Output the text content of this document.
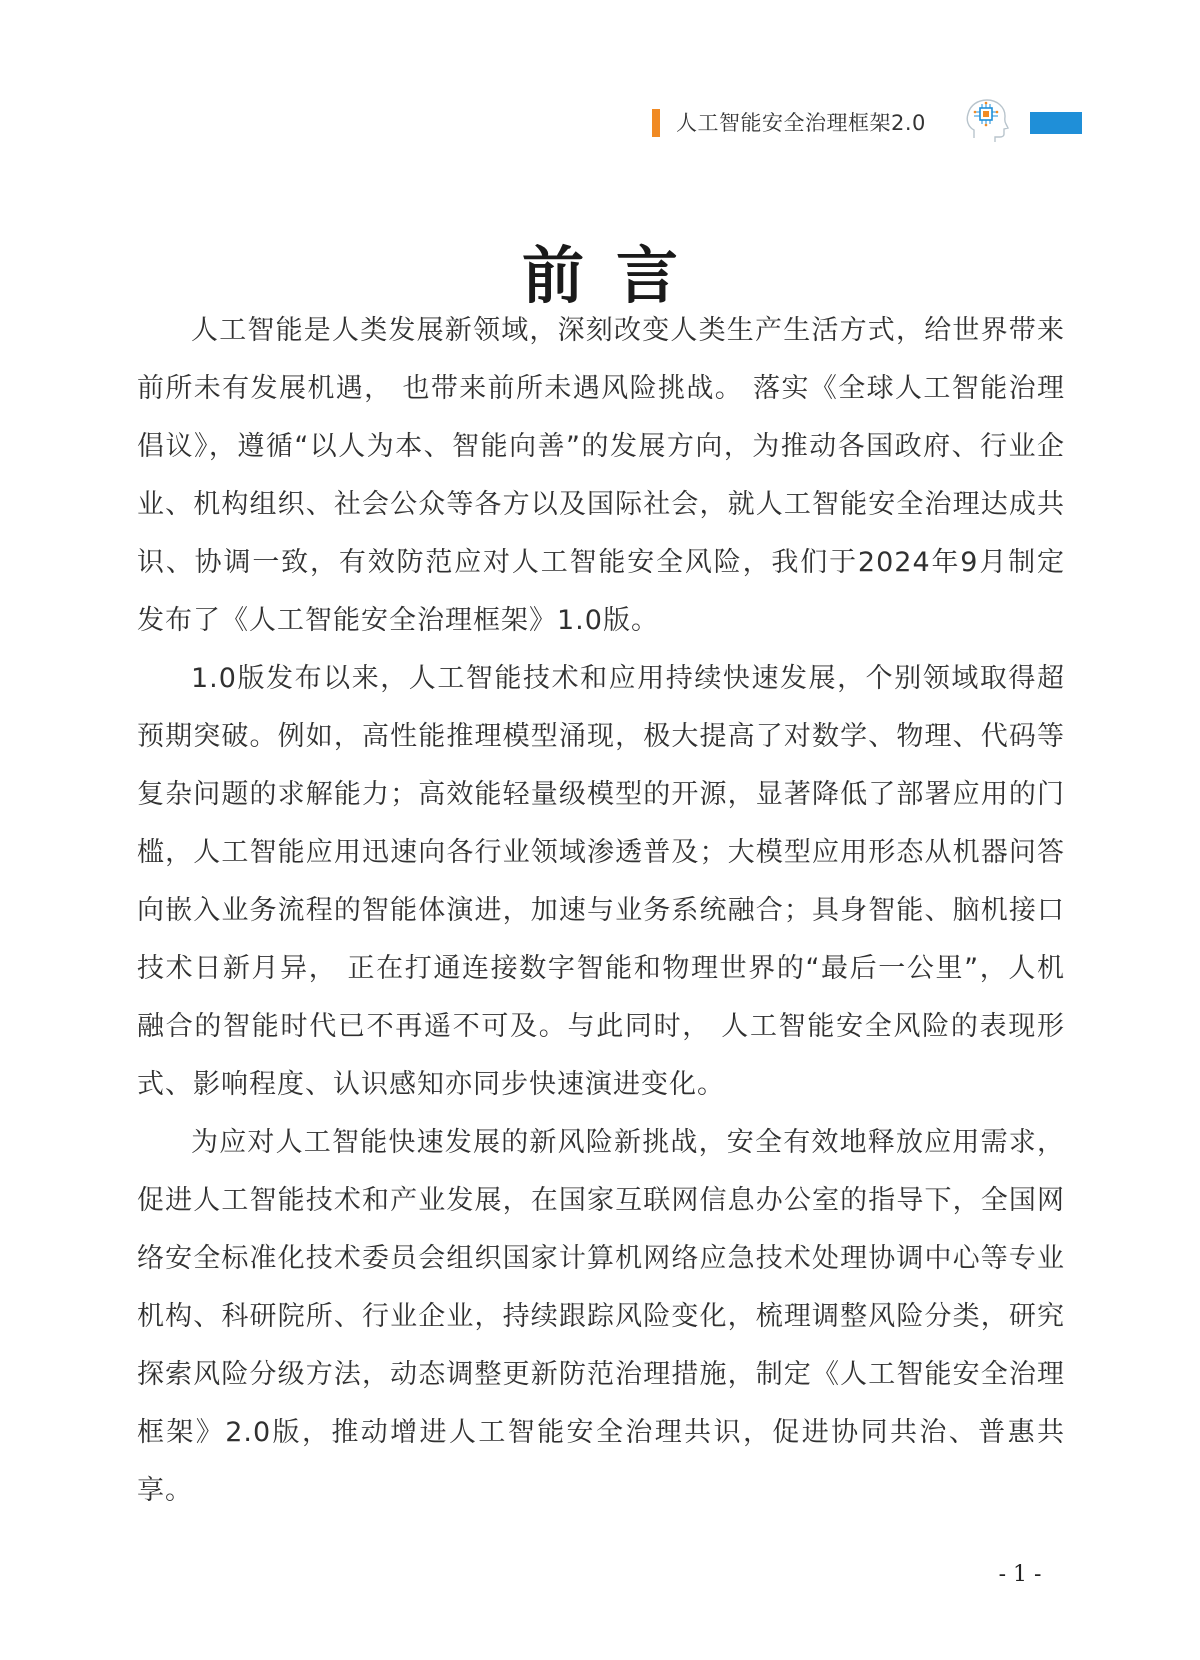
人工智能安全治理框架2.0
前言

人工智能是人类发展新领域，深刻改变人类生产生活方式，给世界带来前所未有发展机遇， 也带来前所未遇风险挑战。 落实《全球人工智能治理倡议》，遵循“以人为本、智能向善”的发展方向，为推动各国政府、行业企业、机构组织、社会公众等各方以及国际社会，就人工智能安全治理达成共识、协调一致，有效防范应对人工智能安全风险，我们于2024年9月制定发布了《人工智能安全治理框架》1.0版。

1.0版发布以来，人工智能技术和应用持续快速发展，个别领域取得超预期突破。例如，高性能推理模型涌现，极大提高了对数学、物理、代码等复杂问题的求解能力；高效能轻量级模型的开源，显著降低了部署应用的门槛，人工智能应用迅速向各行业领域渗透普及；大模型应用形态从机器问答向嵌入业务流程的智能体演进，加速与业务系统融合；具身智能、脑机接口技术日新月异， 正在打通连接数字智能和物理世界的“最后一公里”，人机融合的智能时代已不再遥不可及。与此同时， 人工智能安全风险的表现形式、影响程度、认识感知亦同步快速演进变化。

为应对人工智能快速发展的新风险新挑战，安全有效地释放应用需求，促进人工智能技术和产业发展，在国家互联网信息办公室的指导下，全国网络安全标准化技术委员会组织国家计算机网络应急技术处理协调中心等专业机构、科研院所、行业企业，持续跟踪风险变化，梳理调整风险分类，研究探索风险分级方法，动态调整更新防范治理措施，制定《人工智能安全治理框架》2.0版，推动增进人工智能安全治理共识，促进协同共治、普惠共享。

- 1 -
